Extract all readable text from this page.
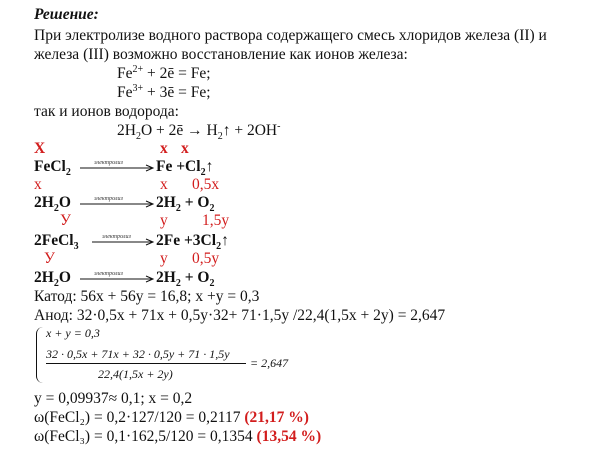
Решение:
При электролизе водного раствора содержащего смесь хлоридов железа (II) и
железа (III) возможно восстановление как ионов железа:
$Fe^{2+}$ + 2ē = Fe;
$Fe^{3+}$ + 3ē = Fe;
так и ионов водорода:
$2H_2O$ + 2ē → $H_2↑ + 2OH^-$
X	x x
FeCl$_2$
электролиз $Fe +Cl_2↑$
x	x 0,5x
$2H_2O$	электролиз $2H_2 + O_2$
У	y 1,5y
2FeCl$_3$
электролиз $2Fe +3Cl_2↑$
У	y 0,5y
$2H_2O$	электролиз $2H_2 + O_2$
Катод: 56x + 56y = 16,8; x +y = 0,3
Анод: 32·0,5x + 71x + 0,5y·32+ 71·1,5y /22,4(1,5x + 2y) = 2,647
x + y = 0,3
32 · 0,5x + 71x + 32 · 0,5y + 71 · 1,5y
22,4(1,5x + 2y)
= 2,647
y = 0,09937≈ 0,1; x = 0,2
ω(FeCl₂) = 0,2·127/120 = 0,2117 (21,17 %)
ω(FeCl₃) = 0,1·162,5/120 = 0,1354 (13,54 %)
